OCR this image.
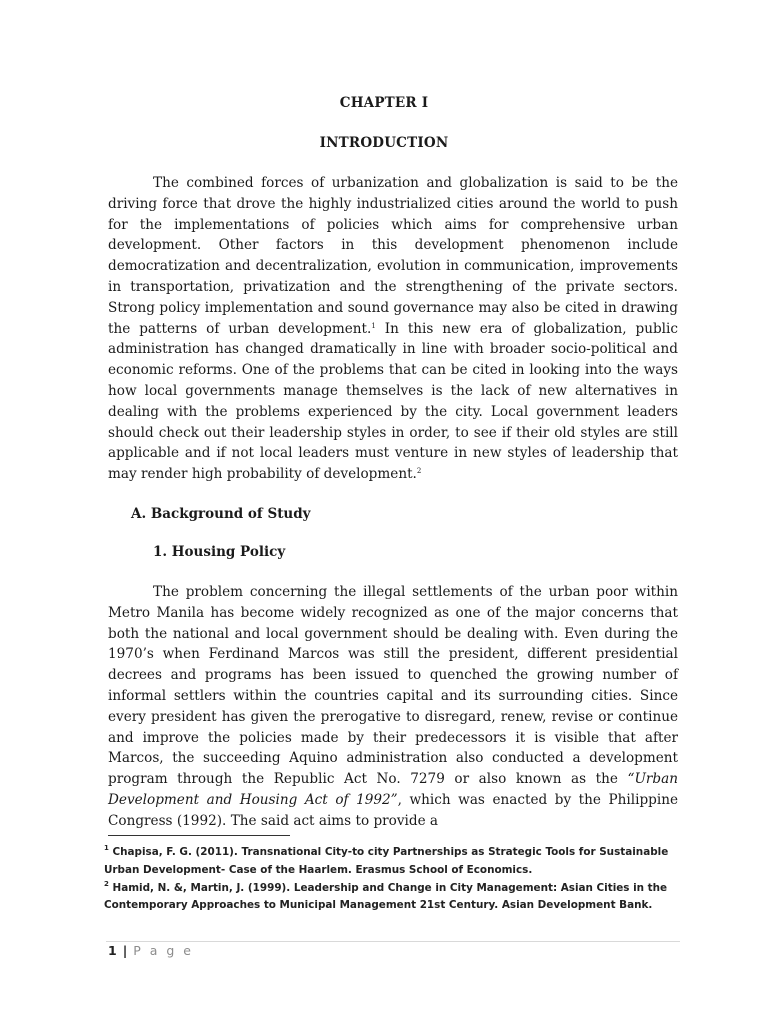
CHAPTER I
INTRODUCTION

The combined forces of urbanization and globalization is said to be the driving force that drove the highly industrialized cities around the world to push for the implementations of policies which aims for comprehensive urban development. Other factors in this development phenomenon include democratization and decentralization, evolution in communication, improvements in transportation, privatization and the strengthening of the private sectors. Strong policy implementation and sound governance may also be cited in drawing the patterns of urban development.$^1$ In this new era of globalization, public administration has changed dramatically in line with broader socio-political and economic reforms. One of the problems that can be cited in looking into the ways how local governments manage themselves is the lack of new alternatives in dealing with the problems experienced by the city. Local government leaders should check out their leadership styles in order, to see if their old styles are still applicable and if not local leaders must venture in new styles of leadership that may render high probability of development.$^2$

A. Background of Study
1. Housing Policy

The problem concerning the illegal settlements of the urban poor within Metro Manila has become widely recognized as one of the major concerns that both the national and local government should be dealing with. Even during the 1970’s when Ferdinand Marcos was still the president, different presidential decrees and programs has been issued to quenched the growing number of informal settlers within the countries capital and its surrounding cities. Since every president has given the prerogative to disregard, renew, revise or continue and improve the policies made by their predecessors it is visible that after Marcos, the succeeding Aquino administration also conducted a development program through the Republic Act No. 7279 or also known as the “Urban Development and Housing Act of 1992”, which was enacted by the Philippine Congress (1992). The said act aims to provide a

$^1$ Chapisa, F. G. (2011). Transnational City-to city Partnerships as Strategic Tools for Sustainable Urban Development- Case of the Haarlem. Erasmus School of Economics.

$^2$ Hamid, N. &, Martin, J. (1999). Leadership and Change in City Management: Asian Cities in the Contemporary Approaches to Municipal Management 21st Century. Asian Development Bank.

1 | P a g e
